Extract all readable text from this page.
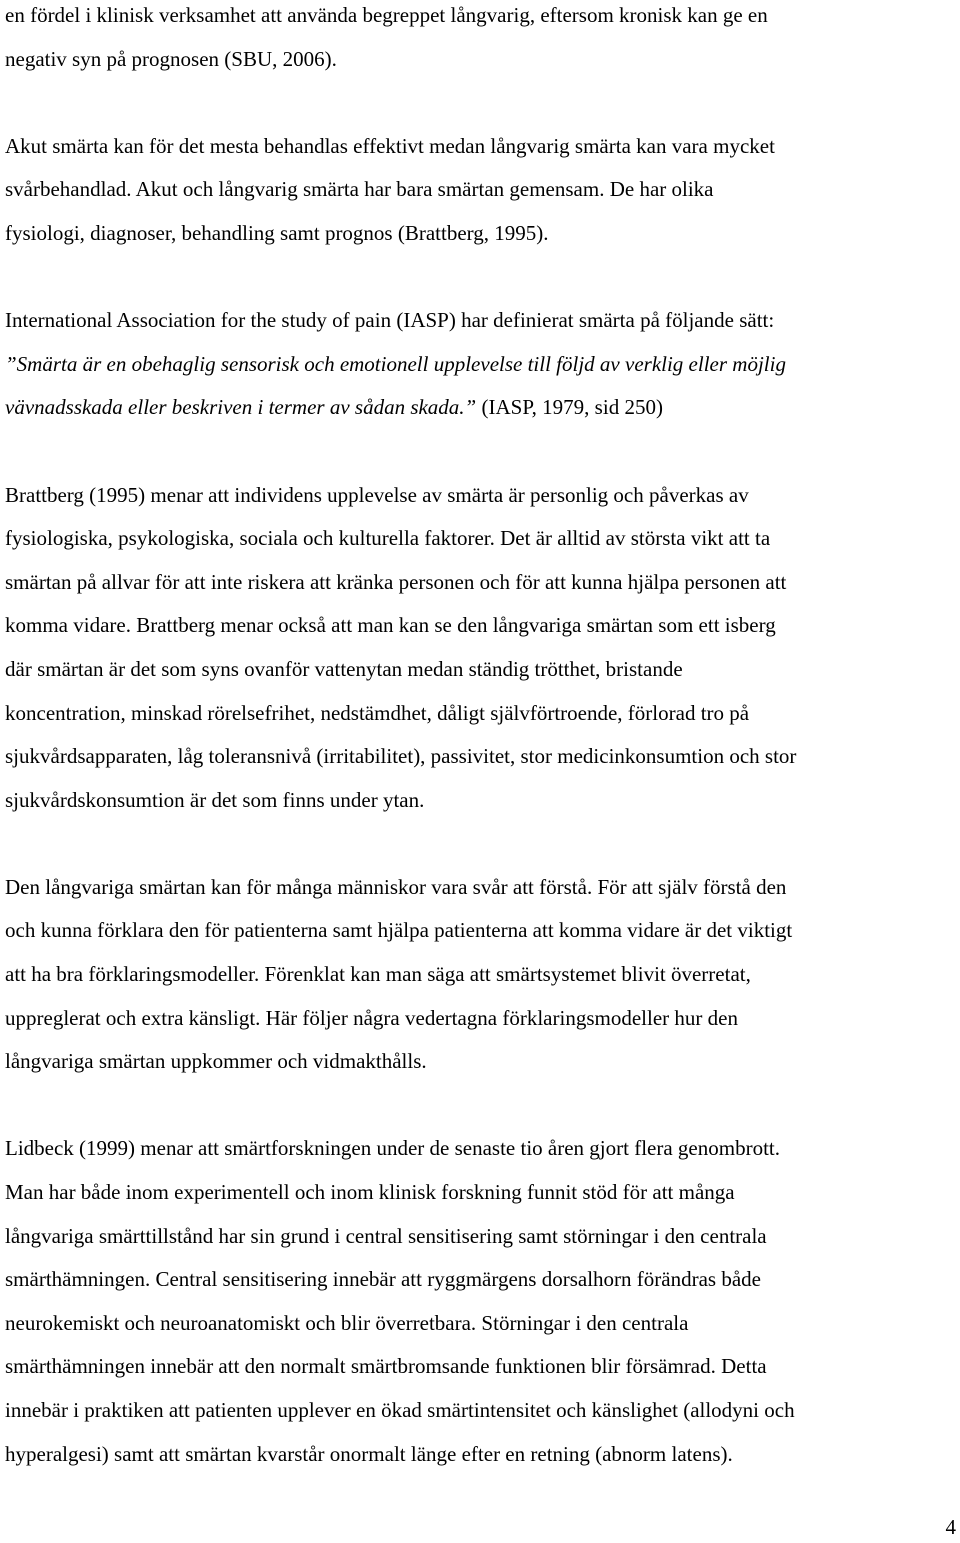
en fördel i klinisk verksamhet att använda begreppet långvarig, eftersom kronisk kan ge en
negativ syn på prognosen (SBU, 2006).

Akut smärta kan för det mesta behandlas effektivt medan långvarig smärta kan vara mycket
svårbehandlad. Akut och långvarig smärta har bara smärtan gemensam. De har olika
fysiologi, diagnoser, behandling samt prognos (Brattberg, 1995).

International Association for the study of pain (IASP) har definierat smärta på följande sätt:
”Smärta är en obehaglig sensorisk och emotionell upplevelse till följd av verklig eller möjlig
vävnadsskada eller beskriven i termer av sådan skada.” (IASP, 1979, sid 250)

Brattberg (1995) menar att individens upplevelse av smärta är personlig och påverkas av
fysiologiska, psykologiska, sociala och kulturella faktorer. Det är alltid av största vikt att ta
smärtan på allvar för att inte riskera att kränka personen och för att kunna hjälpa personen att
komma vidare. Brattberg menar också att man kan se den långvariga smärtan som ett isberg
där smärtan är det som syns ovanför vattenytan medan ständig trötthet, bristande
koncentration, minskad rörelsefrihet, nedstämdhet, dåligt självförtroende, förlorad tro på
sjukvårdsapparaten, låg toleransnivå (irritabilitet), passivitet, stor medicinkonsumtion och stor
sjukvårdskonsumtion är det som finns under ytan.

Den långvariga smärtan kan för många människor vara svår att förstå. För att själv förstå den
och kunna förklara den för patienterna samt hjälpa patienterna att komma vidare är det viktigt
att ha bra förklaringsmodeller. Förenklat kan man säga att smärtsystemet blivit överretat,
uppreglerat och extra känsligt. Här följer några vedertagna förklaringsmodeller hur den
långvariga smärtan uppkommer och vidmakthålls.

Lidbeck (1999) menar att smärtforskningen under de senaste tio åren gjort flera genombrott.
Man har både inom experimentell och inom klinisk forskning funnit stöd för att många
långvariga smärttillstånd har sin grund i central sensitisering samt störningar i den centrala
smärthämningen. Central sensitisering innebär att ryggmärgens dorsalhorn förändras både
neurokemiskt och neuroanatomiskt och blir överretbara. Störningar i den centrala
smärthämningen innebär att den normalt smärtbromsande funktionen blir försämrad. Detta
innebär i praktiken att patienten upplever en ökad smärtintensitet och känslighet (allodyni och
hyperalgesi) samt att smärtan kvarstår onormalt länge efter en retning (abnorm latens).

4
